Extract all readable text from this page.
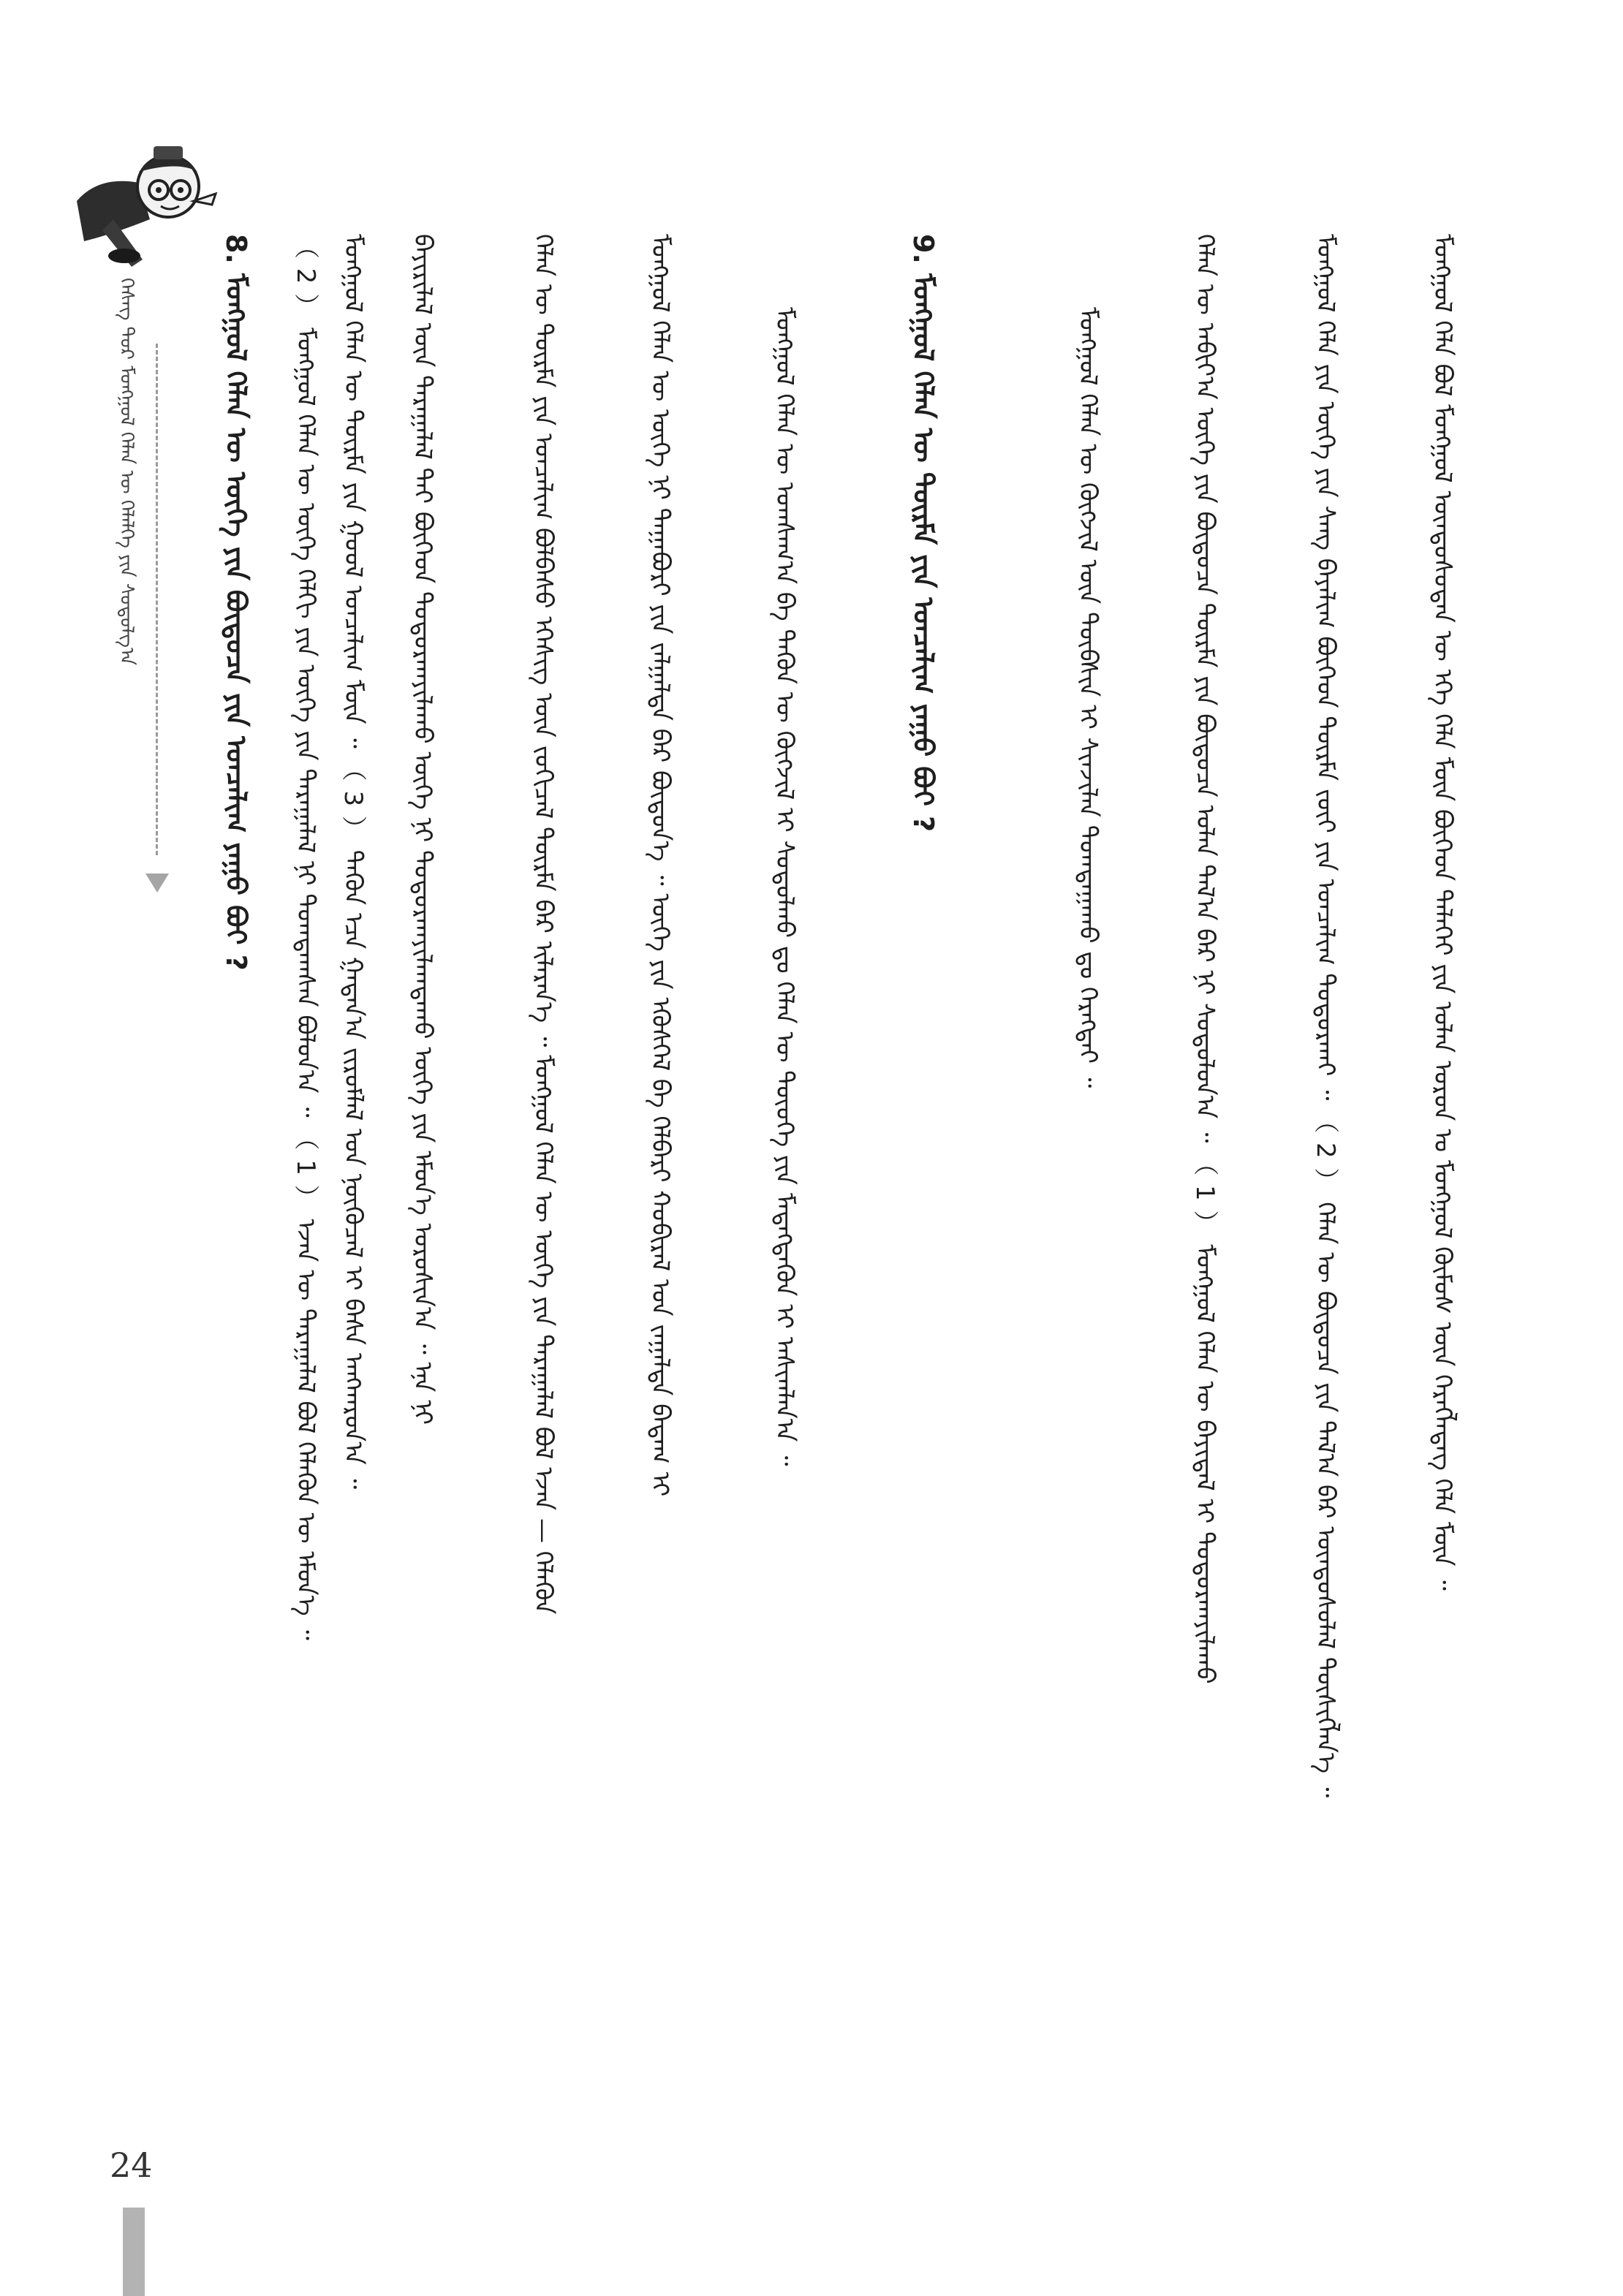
ᠬᠡᠰᠡᠭ ᠳᠤᠷ ᠮᠣᠩᠭᠣᠯ ᠬᠡᠯᠡᠨ ᠦ ᠬᠡᠯᠡᠯᠭᠡ ᠶᠢᠨ ᠰᠤᠳᠤᠯᠭ᠎ᠠ	ᠮᠣᠩᠭᠣᠯ ᠬᠡᠯᠡ ᠪᠣᠯ ᠮᠣᠩᠭᠣᠯ ᠦᠨᠳᠦᠰᠦᠲᠡᠨ ᠦ ᠡᠬᠡ ᠬᠡᠯᠡ ᠮᠥᠨ ᠪᠥᠭᠡᠳ ᠳᠡᠯᠡᠬᠡᠢ ᠶᠢᠨ ᠣᠯᠠᠨ ᠣᠷᠣᠨ ᠤ ᠮᠣᠩᠭᠣᠯ ᠬᠦᠮᠦᠰ ᠦᠨ ᠬᠡᠷᠡᠭᠯᠡᠳᠡᠭ ᠬᠡᠯᠡ ᠮᠥᠨ ᠃
ᠮᠣᠩᠭᠣᠯ ᠬᠡᠯᠡ ᠶᠢᠨ ᠦᠭᠡ ᠶᠢᠨ ᠰᠠᠩ ᠪᠠᠶᠠᠯᠢᠭ ᠪᠥᠭᠡᠳ ᠳᠦᠷᠮᠡ ᠵᠦᠢ ᠶᠢᠨ ᠣᠨᠴᠠᠯᠢᠭ ᠲᠣᠳᠣᠷᠬᠠᠢ ᠃ （ 2 ） ᠬᠡᠯᠡᠨ ᠦ ᠪᠦᠲᠦᠴᠡ ᠶᠢᠨ ᠲᠠᠯ᠎ᠠ ᠪᠠᠷ ᠦᠨᠳᠦᠰᠦᠯᠡᠯ ᠲᠦᠰᠢᠭᠯᠡᠨ᠎ᠡ ᠃
ᠬᠡᠯᠡᠨ ᠦ ᠠᠪᠢᠶ᠎ᠠ ᠦᠭᠡ ᠶᠢᠨ ᠪᠦᠲᠦᠴᠡ ᠳᠦᠷᠮᠡ ᠶᠢᠨ ᠪᠦᠲᠦᠴᠡ ᠣᠯᠠᠨ ᠲᠠᠯ᠎ᠠ ᠪᠠᠷ ᠨᠢ ᠰᠤᠳᠤᠯᠤᠨ᠎ᠠ ᠃ （ 1 ） ᠮᠣᠩᠭᠣᠯ ᠬᠡᠯᠡᠨ ᠦ ᠪᠠᠶᠢᠳᠠᠯ ᠢ ᠲᠣᠳᠣᠷᠬᠠᠶᠢᠯᠠᠬᠤ
ᠮᠣᠩᠭᠣᠯ ᠬᠡᠯᠡᠨ ᠦ ᠬᠦᠭᠵᠢᠯ ᠦᠨ ᠲᠦᠪᠰᠢᠨ ᠢ ᠰᠢᠨᠵᠢᠯᠡᠨ ᠲᠣᠭᠲᠠᠭᠠᠬᠤ ᠳᠤ ᠬᠡᠷᠡᠭᠲᠡᠶ ᠃
9. ᠮᠣᠩᠭᠣᠯ ᠬᠡᠯᠡᠨ ᠦ ᠳᠦᠷᠮᠡ ᠶᠢᠨ ᠣᠨᠴᠠᠯᠢᠭ ᠶᠠᠭᠤ ᠪᠤᠢ ?
ᠮᠣᠩᠭᠣᠯ ᠬᠡᠯᠡᠨ ᠦ ᠤᠭᠰᠠᠭ᠎ᠠ ᠪᠠ ᠲᠡᠭᠦᠨ ᠦ ᠬᠥᠭᠵᠢᠯ ᠢ ᠰᠤᠳᠤᠯᠬᠤ ᠳᠤ ᠬᠡᠯᠡᠨ ᠦ ᠲᠦᠦᠬᠡ ᠶᠢᠨ ᠮᠡᠳᠡᠭᠳᠡᠬᠦᠨ ᠢ ᠠᠰᠢᠭᠯᠠᠨ᠎ᠠ ᠃
ᠮᠣᠩᠭᠣᠯ ᠬᠡᠯᠡᠨ ᠦ ᠦᠭᠡ ᠨᠢ ᠳᠠᠭᠠᠪᠤᠷᠢ ᠶᠢᠨ ᠵᠠᠯᠭᠠᠯᠲᠠ ᠪᠠᠷ ᠪᠦᠲᠦᠨ᠎ᠡ ᠃ ᠦᠭᠡ ᠶᠢᠨ ᠡᠭᠦᠰᠬᠡᠯ ᠪᠠ ᠬᠡᠯᠪᠡᠷᠢ ᠬᠤᠪᠢᠷᠠᠯ ᠤᠨ ᠵᠠᠭᠠᠯᠲᠠ ᠪᠠᠳᠠᠭ ᠢ
ᠬᠡᠯᠡᠨ ᠦ ᠳᠦᠷᠮᠡ ᠶᠢᠨ ᠣᠨᠴᠠᠯᠢᠭ ᠪᠣᠯᠪᠠᠰᠤ ᠡᠭᠡᠰᠢᠭ ᠦᠨ ᠵᠣᠬᠢᠴᠠᠯ ᠳᠦᠷᠮᠡ ᠪᠠᠷ ᠢᠯᠡᠷᠡᠨ᠎ᠡ ᠃ ᠮᠣᠩᠭᠣᠯ ᠬᠡᠯᠡᠨ ᠦ ᠦᠭᠡ ᠶᠢᠨ ᠳᠠᠷᠠᠭᠠᠯᠠᠯ ᠪᠣᠯ ᠡᠵᠡᠨ — ᠬᠡᠯᠡᠬᠦᠨ
ᠪᠠᠶᠢᠷᠢᠯᠠᠯ ᠦᠨ ᠳᠠᠷᠠᠭᠠᠯᠠᠯ ᠲᠠᠢ ᠪᠥᠭᠡᠳ ᠲᠣᠳᠣᠷᠬᠠᠶᠢᠯᠠᠬᠤ ᠦᠭᠡ ᠨᠢ ᠲᠣᠳᠣᠷᠬᠠᠶᠢᠯᠠᠭᠳᠠᠬᠤ ᠦᠭᠡ ᠶᠢᠨ ᠡᠮᠦᠨ᠎ᠡ ᠣᠷᠣᠰᠢᠨ᠎ᠠ ᠃ ᠡᠨᠡ ᠨᠢ
ᠮᠣᠩᠭᠣᠯ ᠬᠡᠯᠡᠨ ᠦ ᠳᠦᠷᠮᠡ ᠶᠢᠨ ᠭᠣᠣᠯ ᠣᠨᠴᠠᠯᠢᠭ ᠮᠥᠨ ᠃ （ 3 ） ᠲᠡᠭᠦᠨ ᠡᠴᠡ ᠭᠠᠳᠠᠨ᠎ᠠ ᠵᠢᠷᠤᠮᠯᠠᠯ ᠤᠨ ᠨᠥᠬᠦᠴᠡᠯ ᠢ ᠪᠠᠰᠠ ᠠᠩᠬᠠᠷᠤᠨ᠎ᠠ ᠃
（ 2 ） ᠮᠣᠩᠭᠣᠯ ᠬᠡᠯᠡᠨ ᠦ ᠦᠭᠡ ᠬᠡᠯᠬᠢ ᠶᠢᠨ ᠦᠭᠡ ᠶᠢᠨ ᠳᠠᠷᠠᠭᠠᠯᠠᠯ ᠨᠢ ᠲᠣᠭᠲᠠᠭᠰᠠᠨ ᠪᠣᠯᠤᠨ᠎ᠠ ᠃ （ 1 ） ᠡᠵᠡᠨ ᠦ ᠳᠠᠷᠠᠭᠠᠯᠠᠯ ᠪᠣᠯ ᠬᠡᠯᠡᠬᠦᠨ ᠦ ᠡᠮᠦᠨ᠎ᠡ ᠃
8. ᠮᠣᠩᠭᠣᠯ ᠬᠡᠯᠡᠨ ᠦ ᠦᠭᠡ ᠶᠢᠨ ᠪᠦᠲᠦᠴᠡ ᠶᠢᠨ ᠣᠨᠴᠠᠯᠢᠭ ᠶᠠᠭᠤ ᠪᠤᠢ ?
24
